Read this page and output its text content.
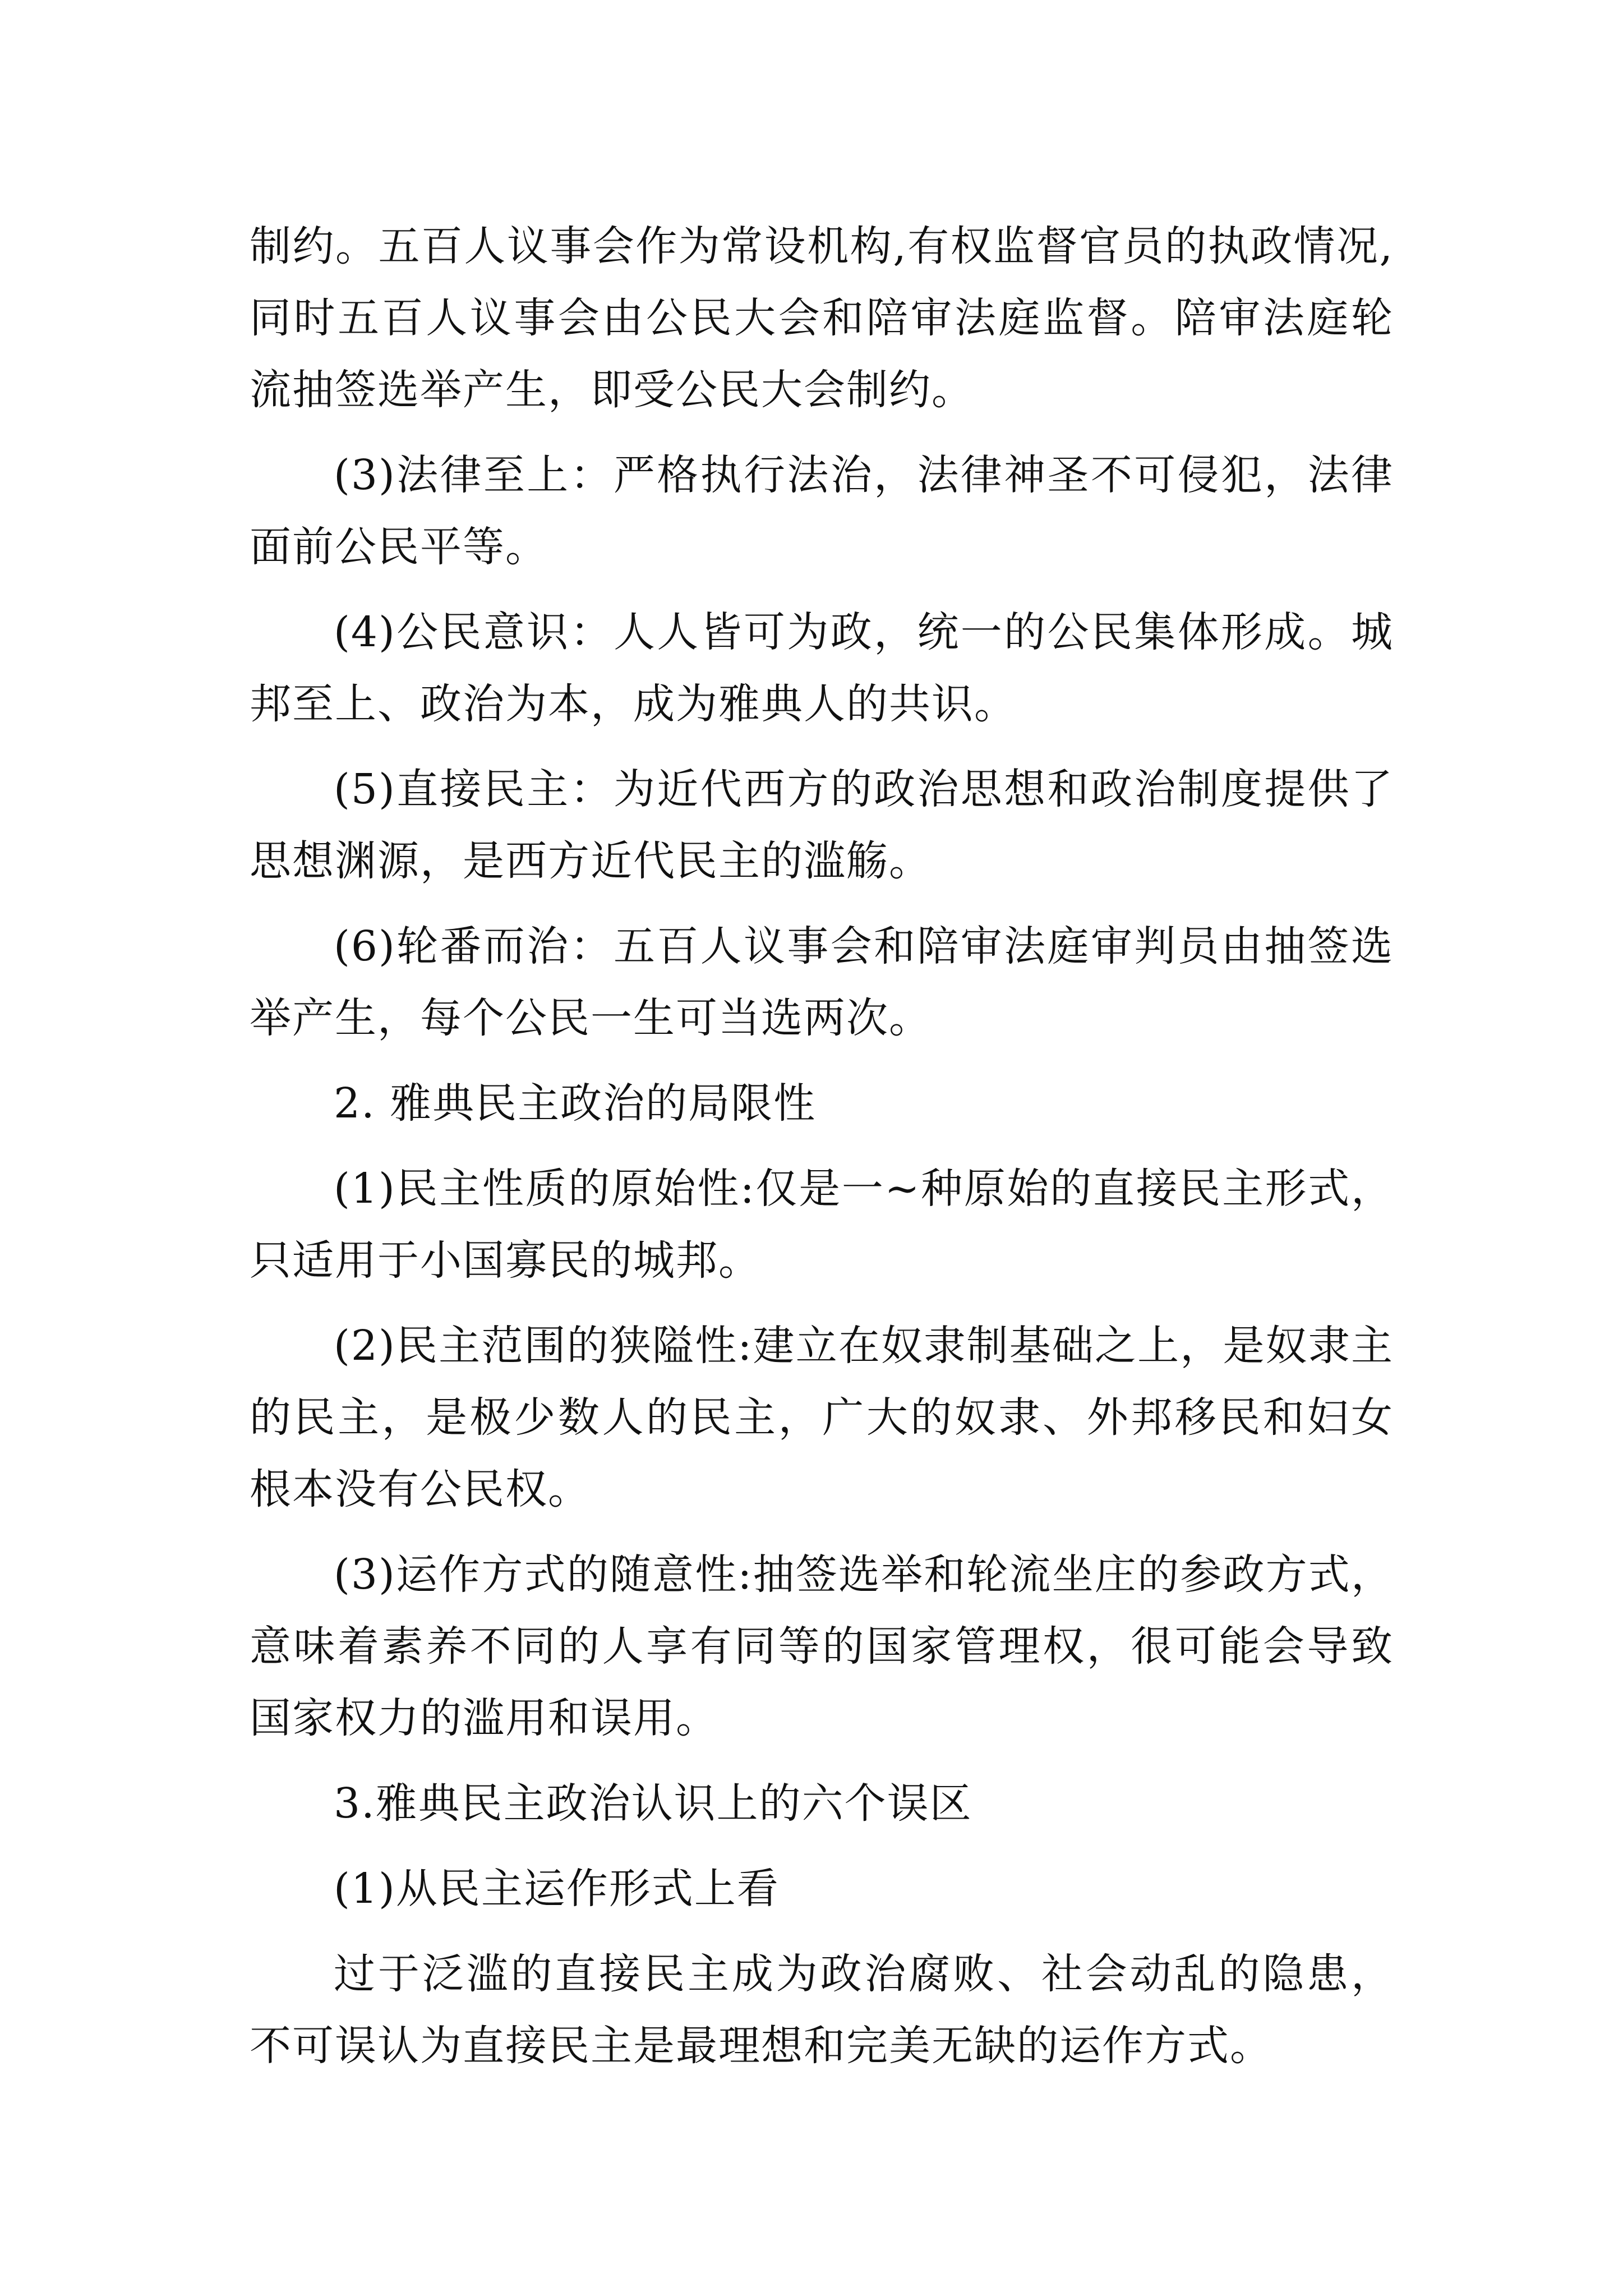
制约。五百人议事会作为常设机构,有权监督官员的执政情况,同时五百人议事会由公民大会和陪审法庭监督。陪审法庭轮流抽签选举产生，即受公民大会制约。

(3)法律至上：严格执行法治，法律神圣不可侵犯，法律面前公民平等。

(4)公民意识：人人皆可为政，统一的公民集体形成。城邦至上、政治为本，成为雅典人的共识。

(5)直接民主：为近代西方的政治思想和政治制度提供了思想渊源，是西方近代民主的滥觞。

(6)轮番而治：五百人议事会和陪审法庭审判员由抽签选举产生，每个公民一生可当选两次。

2. 雅典民主政治的局限性

(1)民主性质的原始性:仅是一~种原始的直接民主形式，只适用于小国寡民的城邦。

(2)民主范围的狭隘性:建立在奴隶制基础之上，是奴隶主的民主，是极少数人的民主，广大的奴隶、外邦移民和妇女根本没有公民权。

(3)运作方式的随意性:抽签选举和轮流坐庄的参政方式，意味着素养不同的人享有同等的国家管理权，很可能会导致国家权力的滥用和误用。

3.雅典民主政治认识上的六个误区

(1)从民主运作形式上看

过于泛滥的直接民主成为政治腐败、社会动乱的隐患，不可误认为直接民主是最理想和完美无缺的运作方式。
